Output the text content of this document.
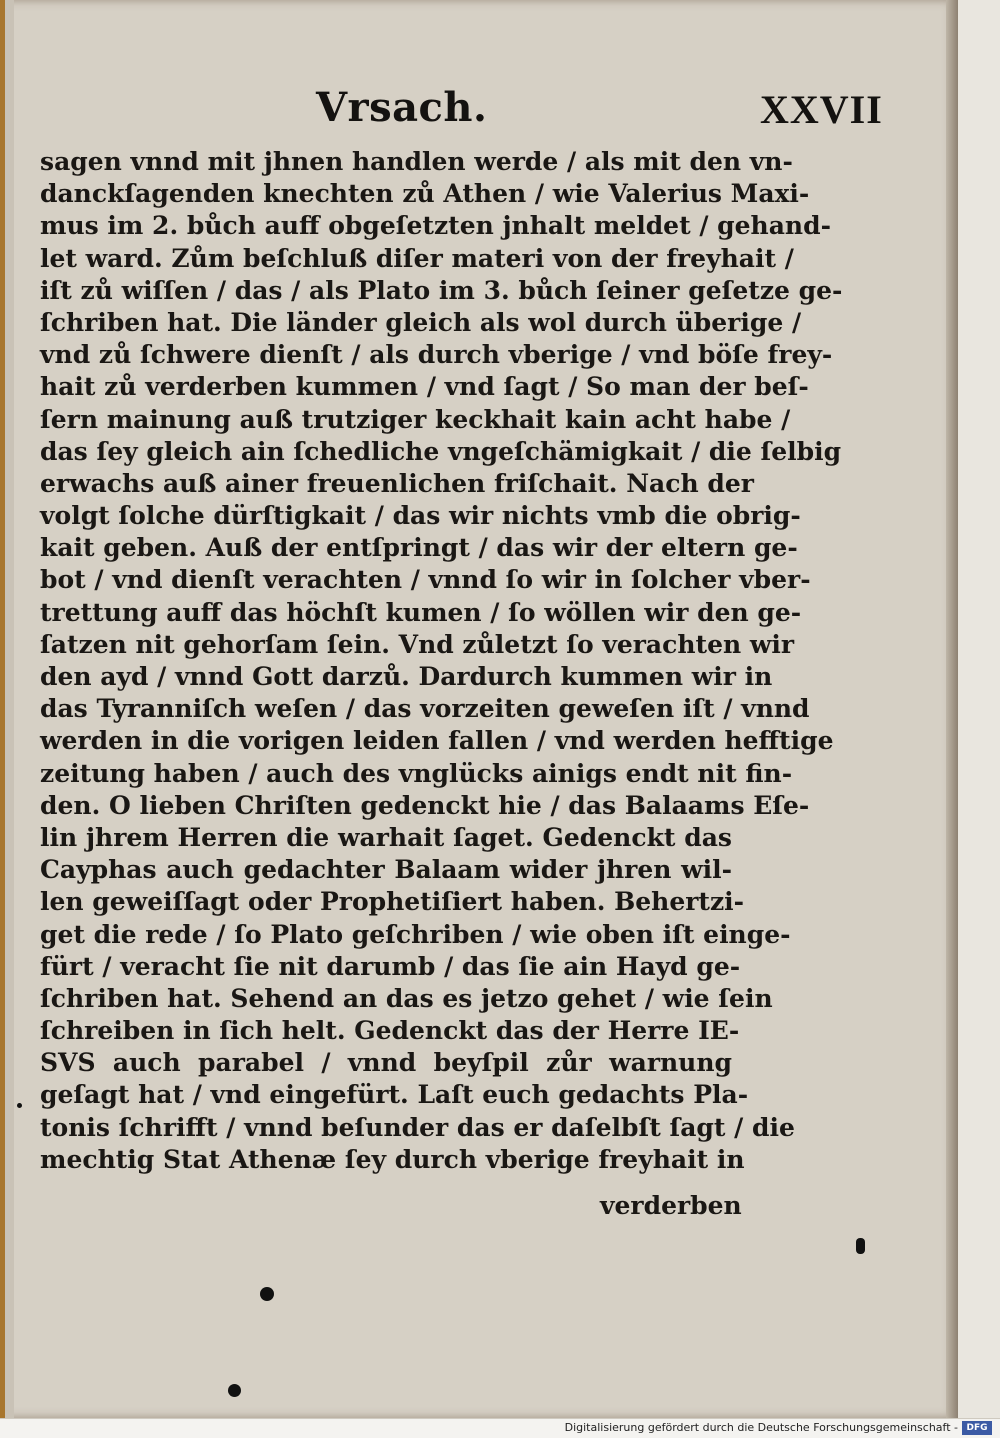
Vrsach.	XXVII
sagen vnnd mit jhnen handlen werde / als mit den vn‑
danckſagenden knechten zů Athen / wie Valerius Maxi‑
mus im 2. bůch auff obgeſetzten jnhalt meldet / gehand‑
let ward. Zům beſchluß diſer materi von der freyhait /
iſt zů wiſſen / das / als Plato im 3. bůch ſeiner geſetze ge‑
ſchriben hat. Die länder gleich als wol durch überige /
vnd zů ſchwere dienſt / als durch vberige / vnd böſe frey‑
hait zů verderben kummen / vnd ſagt / So man der beſ‑
ſern mainung auß trutziger keckhait kain acht habe /
das ſey gleich ain ſchedliche vngeſchämigkait / die ſelbig
erwachs auß ainer freuenlichen friſchait. Nach der
volgt ſolche dürſtigkait / das wir nichts vmb die obrig‑
kait geben. Auß der entſpringt / das wir der eltern ge‑
bot / vnd dienſt verachten / vnnd ſo wir in ſolcher vber‑
trettung auff das höchſt kumen / ſo wöllen wir den ge‑
ſatzen nit gehorſam ſein. Vnd zůletzt ſo verachten wir
den ayd / vnnd Gott darzů. Dardurch kummen wir in
das Tyranniſch weſen / das vorzeiten geweſen iſt / vnnd
werden in die vorigen leiden fallen / vnd werden hefftige
zeitung haben / auch des vnglücks ainigs endt nit fin‑
den. O lieben Chriſten gedenckt hie / das Balaams Eſe‑
lin jhrem Herren die warhait ſaget. Gedenckt das
Cayphas auch gedachter Balaam wider jhren wil‑
len geweiſſagt oder Prophetiſiert haben. Behertzi‑
get die rede / ſo Plato geſchriben / wie oben iſt einge‑
fürt / veracht ſie nit darumb / das ſie ain Hayd ge‑
ſchriben hat. Sehend an das es jetzo gehet / wie ſein
ſchreiben in ſich helt. Gedenckt das der Herre IE‑
SVS auch parabel / vnnd beyſpil zůr warnung
geſagt hat / vnd eingefürt. Laſt euch gedachts Pla‑
tonis ſchrifft / vnnd beſunder das er daſelbſt ſagt / die
mechtig Stat Athenæ ſey durch vberige freyhait in
verderben
Digitalisierung gefördert durch die Deutsche Forschungsgemeinschaft - DFG
